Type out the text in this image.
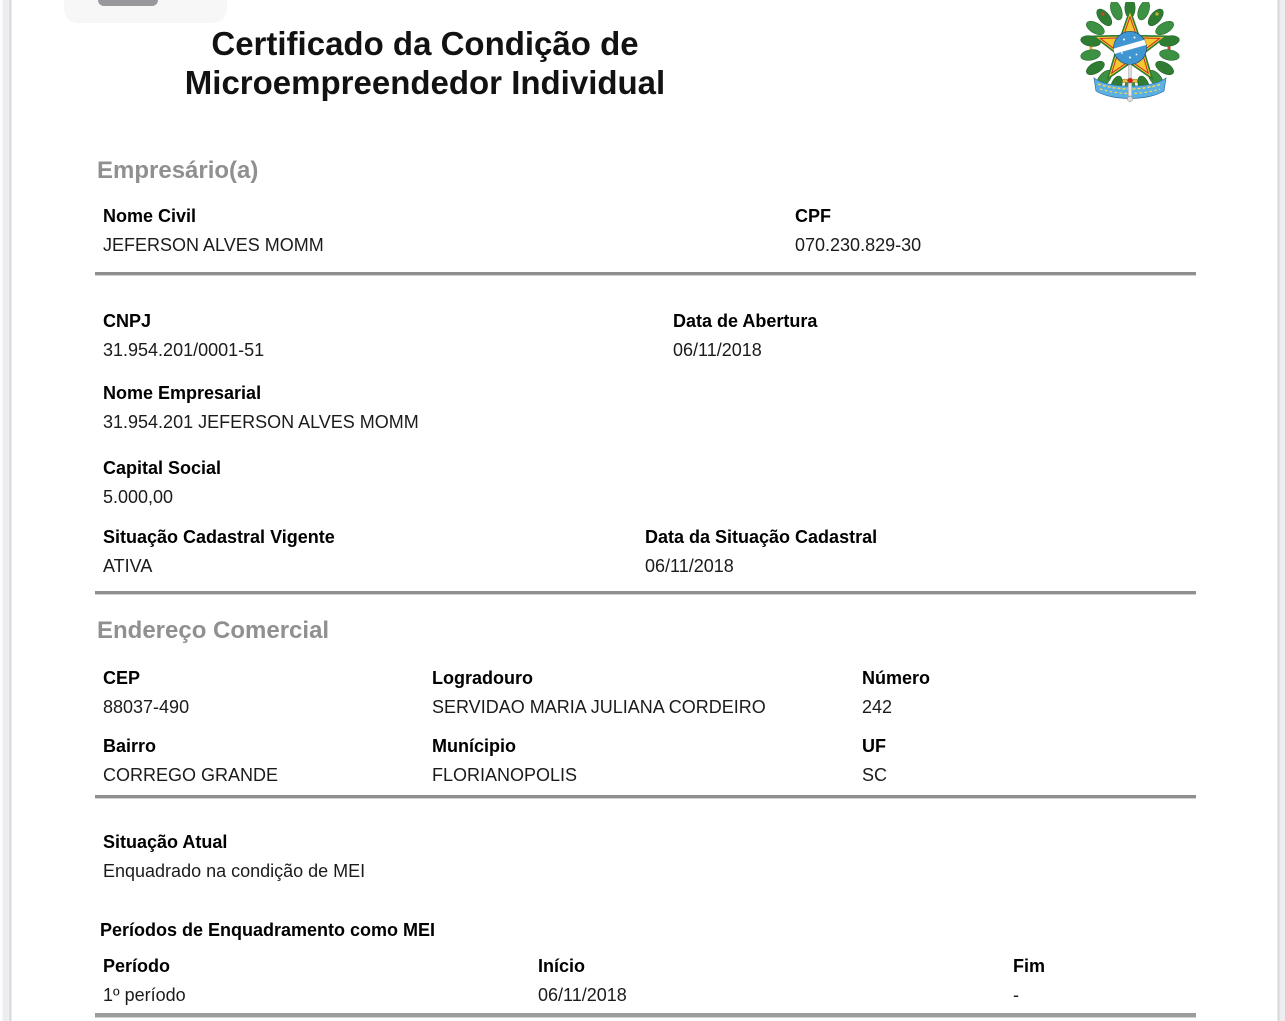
Certificado da Condição de
Microempreendedor Individual
Empresário(a)
Nome Civil
JEFERSON ALVES MOMM
CPF
070.230.829-30
CNPJ
31.954.201/0001-51
Data de Abertura
06/11/2018
Nome Empresarial
31.954.201 JEFERSON ALVES MOMM
Capital Social
5.000,00
Situação Cadastral Vigente
ATIVA
Data da Situação Cadastral
06/11/2018
Endereço Comercial
CEP
88037-490
Logradouro
SERVIDAO MARIA JULIANA CORDEIRO
Número
242
Bairro
CORREGO GRANDE
Munícipio
FLORIANOPOLIS
UF
SC
Situação Atual
Enquadrado na condição de MEI
Períodos de Enquadramento como MEI
Período	Início	Fim
1º período	06/11/2018	-
